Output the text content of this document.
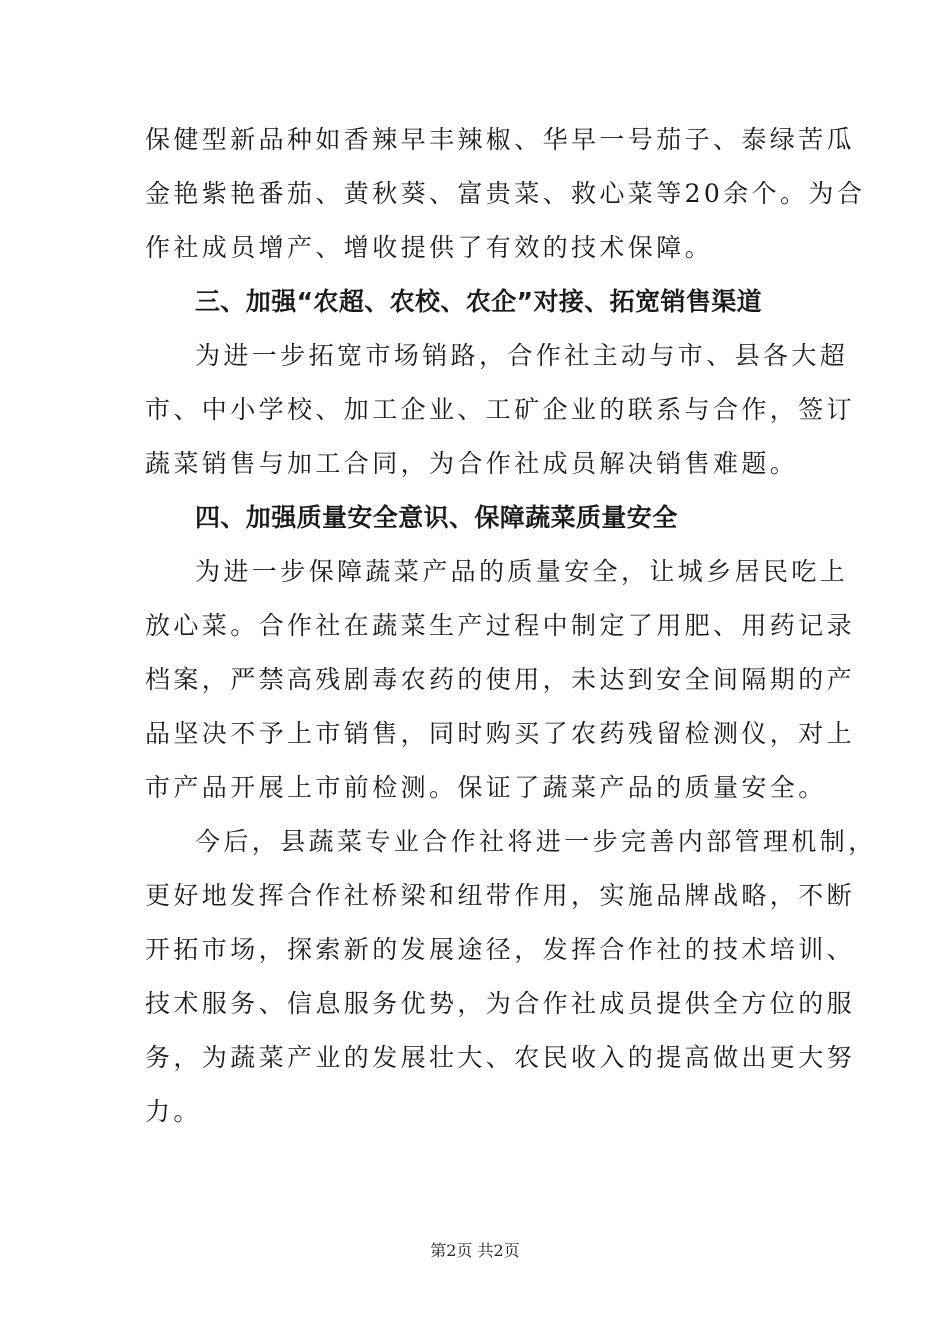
保健型新品种如香辣早丰辣椒、华早一号茄子、泰绿苦瓜
金艳紫艳番茄、黄秋葵、富贵菜、救心菜等20余个。为合
作社成员增产、增收提供了有效的技术保障。
三、加强“农超、农校、农企”对接、拓宽销售渠道
为进一步拓宽市场销路，合作社主动与市、县各大超
市、中小学校、加工企业、工矿企业的联系与合作，签订
蔬菜销售与加工合同，为合作社成员解决销售难题。
四、加强质量安全意识、保障蔬菜质量安全
为进一步保障蔬菜产品的质量安全，让城乡居民吃上
放心菜。合作社在蔬菜生产过程中制定了用肥、用药记录
档案，严禁高残剧毒农药的使用，未达到安全间隔期的产
品坚决不予上市销售，同时购买了农药残留检测仪，对上
市产品开展上市前检测。保证了蔬菜产品的质量安全。
今后，县蔬菜专业合作社将进一步完善内部管理机制，
更好地发挥合作社桥梁和纽带作用，实施品牌战略，不断
开拓市场，探索新的发展途径，发挥合作社的技术培训、
技术服务、信息服务优势，为合作社成员提供全方位的服
务，为蔬菜产业的发展壮大、农民收入的提高做出更大努
力。
第2页 共2页
